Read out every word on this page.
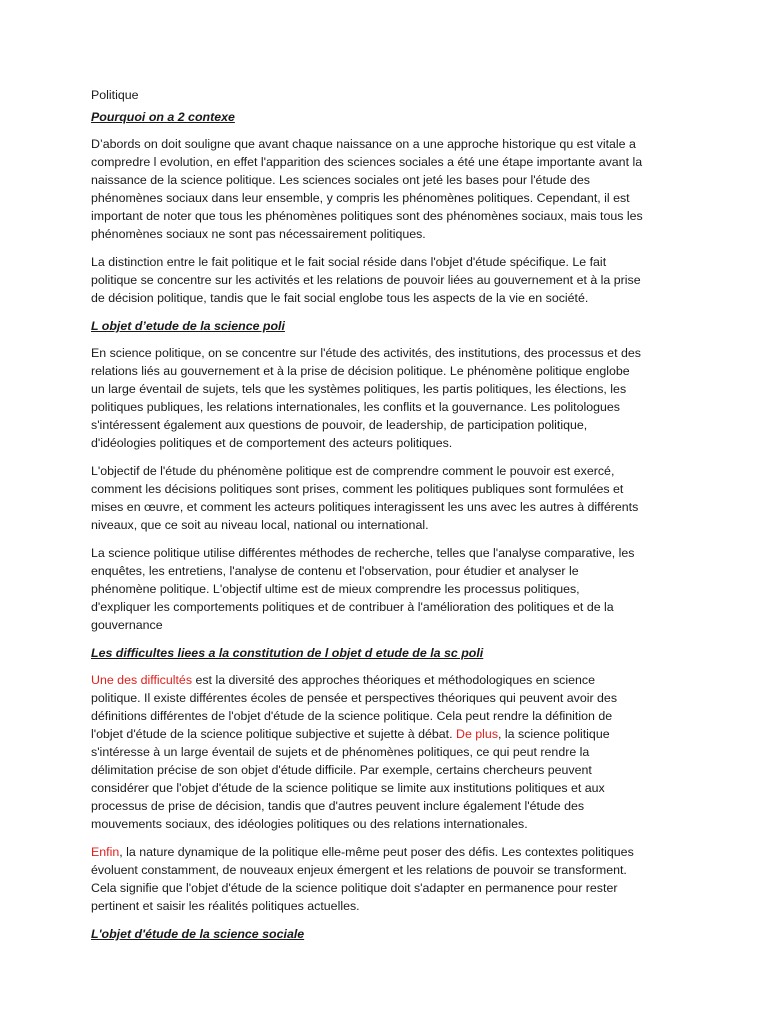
Politique
Pourquoi on a 2 contexe

D’abords on doit souligne que avant chaque naissance on a une approche historique qu est vitale a
compredre l evolution, en effet l'apparition des sciences sociales a été une étape importante avant la
naissance de la science politique. Les sciences sociales ont jeté les bases pour l'étude des
phénomènes sociaux dans leur ensemble, y compris les phénomènes politiques. Cependant, il est
important de noter que tous les phénomènes politiques sont des phénomènes sociaux, mais tous les
phénomènes sociaux ne sont pas nécessairement politiques.

La distinction entre le fait politique et le fait social réside dans l'objet d'étude spécifique. Le fait
politique se concentre sur les activités et les relations de pouvoir liées au gouvernement et à la prise
de décision politique, tandis que le fait social englobe tous les aspects de la vie en société.

L objet d’etude de la science poli

En science politique, on se concentre sur l'étude des activités, des institutions, des processus et des
relations liés au gouvernement et à la prise de décision politique. Le phénomène politique englobe
un large éventail de sujets, tels que les systèmes politiques, les partis politiques, les élections, les
politiques publiques, les relations internationales, les conflits et la gouvernance. Les politologues
s'intéressent également aux questions de pouvoir, de leadership, de participation politique,
d'idéologies politiques et de comportement des acteurs politiques.

L'objectif de l'étude du phénomène politique est de comprendre comment le pouvoir est exercé,
comment les décisions politiques sont prises, comment les politiques publiques sont formulées et
mises en œuvre, et comment les acteurs politiques interagissent les uns avec les autres à différents
niveaux, que ce soit au niveau local, national ou international.

La science politique utilise différentes méthodes de recherche, telles que l'analyse comparative, les
enquêtes, les entretiens, l'analyse de contenu et l'observation, pour étudier et analyser le
phénomène politique. L'objectif ultime est de mieux comprendre les processus politiques,
d'expliquer les comportements politiques et de contribuer à l'amélioration des politiques et de la
gouvernance

Les difficultes liees a la constitution de l objet d etude de la sc poli

Une des difficultés est la diversité des approches théoriques et méthodologiques en science
politique. Il existe différentes écoles de pensée et perspectives théoriques qui peuvent avoir des
définitions différentes de l'objet d'étude de la science politique. Cela peut rendre la définition de
l'objet d'étude de la science politique subjective et sujette à débat. De plus, la science politique
s'intéresse à un large éventail de sujets et de phénomènes politiques, ce qui peut rendre la
délimitation précise de son objet d'étude difficile. Par exemple, certains chercheurs peuvent
considérer que l'objet d'étude de la science politique se limite aux institutions politiques et aux
processus de prise de décision, tandis que d'autres peuvent inclure également l'étude des
mouvements sociaux, des idéologies politiques ou des relations internationales.

Enfin, la nature dynamique de la politique elle-même peut poser des défis. Les contextes politiques
évoluent constamment, de nouveaux enjeux émergent et les relations de pouvoir se transforment.
Cela signifie que l'objet d'étude de la science politique doit s'adapter en permanence pour rester
pertinent et saisir les réalités politiques actuelles.

L'objet d'étude de la science sociale
